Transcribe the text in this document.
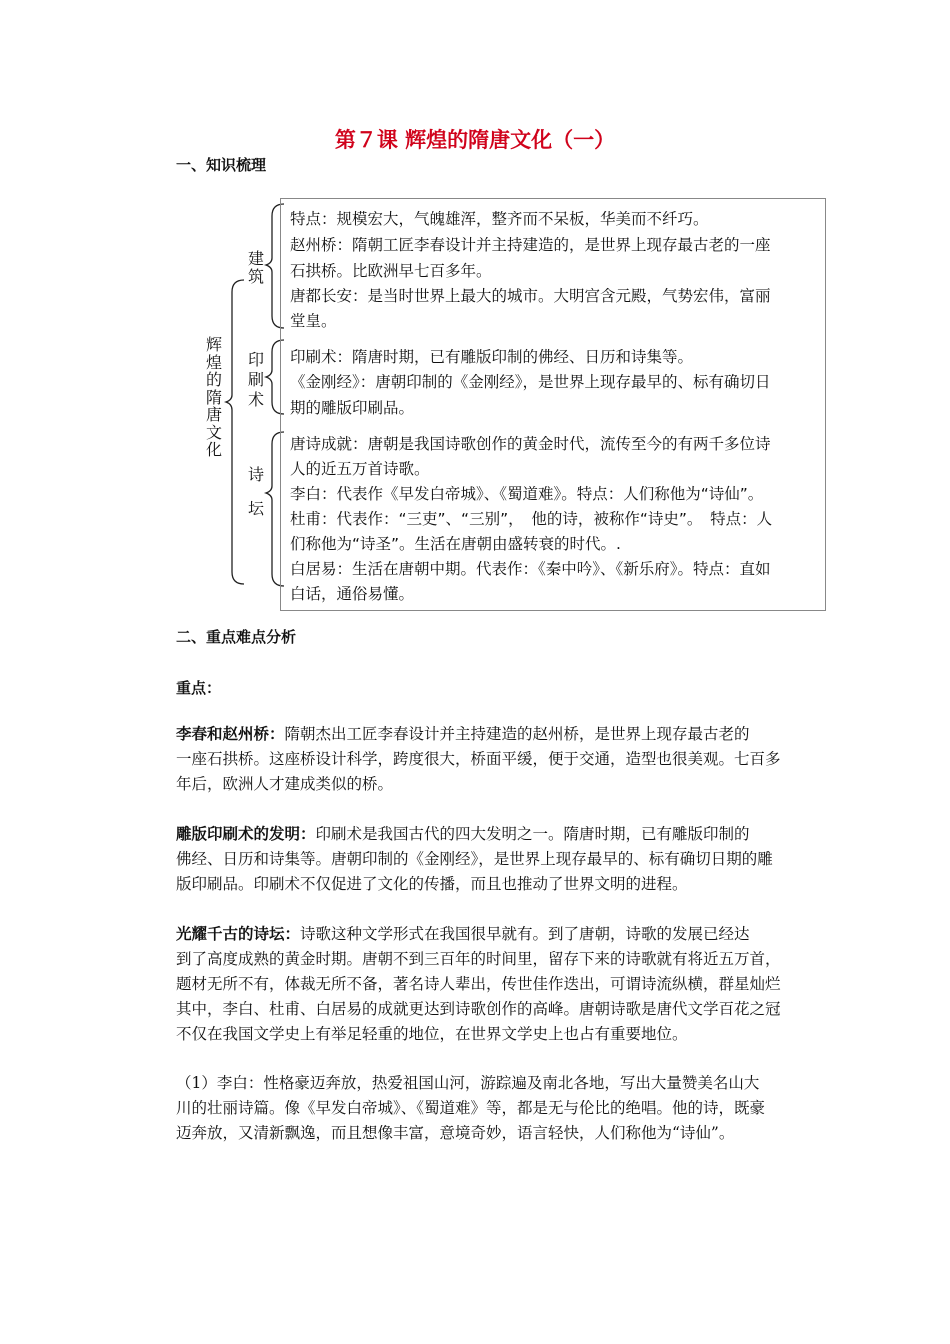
第７课 辉煌的隋唐文化（一）
一、知识梳理
辉
煌
的
隋
唐
文
化
建
筑
印
刷
术
诗
坛
特点：规模宏大，气魄雄浑，整齐而不呆板，华美而不纤巧。
赵州桥：隋朝工匠李春设计并主持建造的，是世界上现存最古老的一座
石拱桥。比欧洲早七百多年。
唐都长安：是当时世界上最大的城市。大明宫含元殿，气势宏伟，富丽
堂皇。
印刷术：隋唐时期，已有雕版印制的佛经、日历和诗集等。
《金刚经》：唐朝印制的《金刚经》，是世界上现存最早的、标有确切日
期的雕版印刷品。
唐诗成就：唐朝是我国诗歌创作的黄金时代，流传至今的有两千多位诗
人的近五万首诗歌。
李白：代表作《早发白帝城》、《蜀道难》。特点：人们称他为“诗仙”。
杜甫：代表作：“三吏”、“三别”，　他的诗，被称作“诗史”。　特点：人
们称他为“诗圣”。生活在唐朝由盛转衰的时代。.
白居易：生活在唐朝中期。代表作：《秦中吟》、《新乐府》。特点：直如
白话，通俗易懂。
二、重点难点分析
重点：

李春和赵州桥：隋朝杰出工匠李春设计并主持建造的赵州桥，是世界上现存最古老的

一座石拱桥。这座桥设计科学，跨度很大，桥面平缓，便于交通，造型也很美观。七百多

年后，欧洲人才建成类似的桥。

雕版印刷术的发明：印刷术是我国古代的四大发明之一。隋唐时期，已有雕版印制的

佛经、日历和诗集等。唐朝印制的《金刚经》，是世界上现存最早的、标有确切日期的雕

版印刷品。印刷术不仅促进了文化的传播，而且也推动了世界文明的进程。

光耀千古的诗坛：诗歌这种文学形式在我国很早就有。到了唐朝，诗歌的发展已经达

到了高度成熟的黄金时期。唐朝不到三百年的时间里，留存下来的诗歌就有将近五万首，

题材无所不有，体裁无所不备，著名诗人辈出，传世佳作迭出，可谓诗流纵横，群星灿烂

其中，李白、杜甫、白居易的成就更达到诗歌创作的高峰。唐朝诗歌是唐代文学百花之冠

不仅在我国文学史上有举足轻重的地位，在世界文学史上也占有重要地位。

（1）李白：性格豪迈奔放，热爱祖国山河，游踪遍及南北各地，写出大量赞美名山大

川的壮丽诗篇。像《早发白帝城》、《蜀道难》等，都是无与伦比的绝唱。他的诗，既豪

迈奔放，又清新飘逸，而且想像丰富，意境奇妙，语言轻快，人们称他为“诗仙”。
